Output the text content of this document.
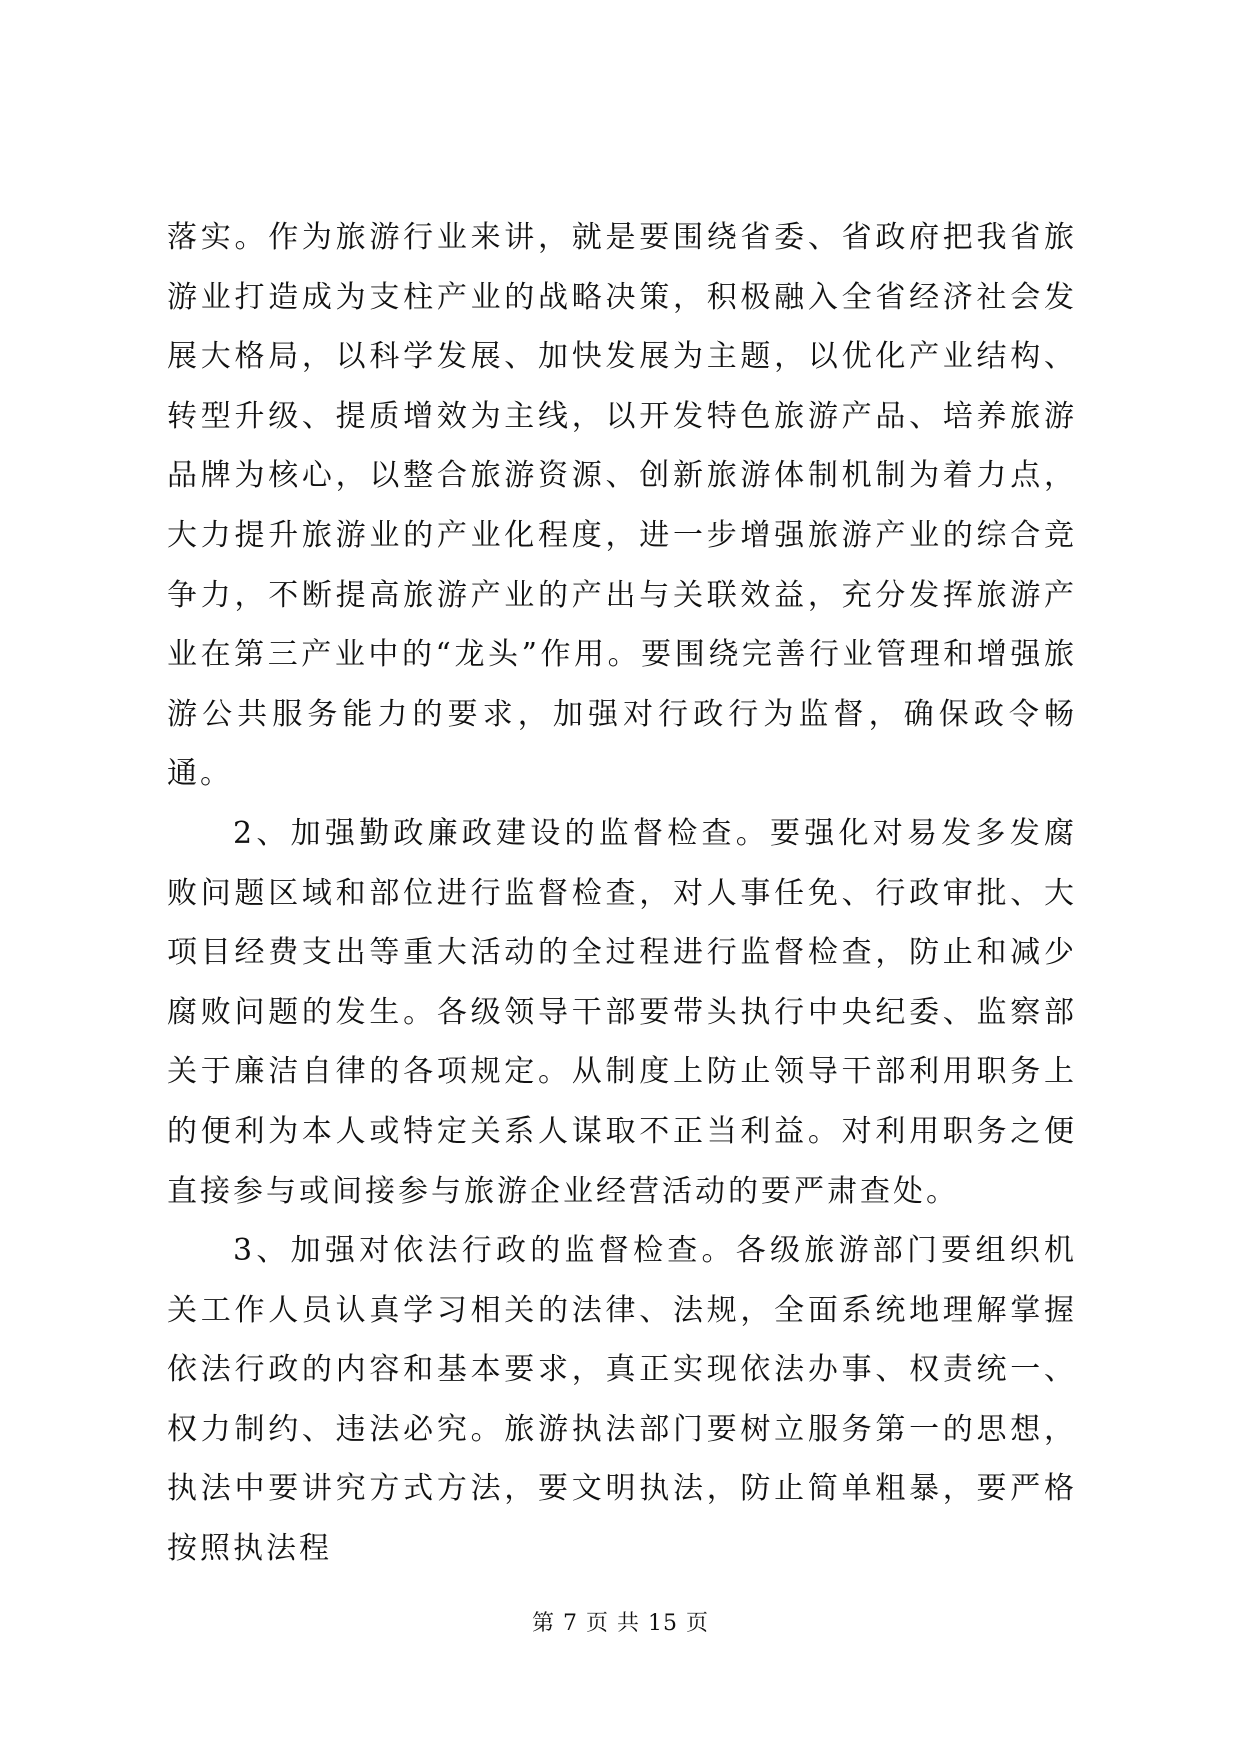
落实。作为旅游行业来讲，就是要围绕省委、省政府把我省旅游业打造成为支柱产业的战略决策，积极融入全省经济社会发展大格局，以科学发展、加快发展为主题，以优化产业结构、转型升级、提质增效为主线，以开发特色旅游产品、培养旅游品牌为核心，以整合旅游资源、创新旅游体制机制为着力点，大力提升旅游业的产业化程度，进一步增强旅游产业的综合竞争力，不断提高旅游产业的产出与关联效益，充分发挥旅游产业在第三产业中的“龙头”作用。要围绕完善行业管理和增强旅游公共服务能力的要求，加强对行政行为监督，确保政令畅通。

2、加强勤政廉政建设的监督检查。要强化对易发多发腐败问题区域和部位进行监督检查，对人事任免、行政审批、大项目经费支出等重大活动的全过程进行监督检查，防止和减少腐败问题的发生。各级领导干部要带头执行中央纪委、监察部关于廉洁自律的各项规定。从制度上防止领导干部利用职务上的便利为本人或特定关系人谋取不正当利益。对利用职务之便直接参与或间接参与旅游企业经营活动的要严肃查处。

3、加强对依法行政的监督检查。各级旅游部门要组织机关工作人员认真学习相关的法律、法规，全面系统地理解掌握依法行政的内容和基本要求，真正实现依法办事、权责统一、权力制约、违法必究。旅游执法部门要树立服务第一的思想，执法中要讲究方式方法，要文明执法，防止简单粗暴，要严格按照执法程

第 7 页 共 15 页
